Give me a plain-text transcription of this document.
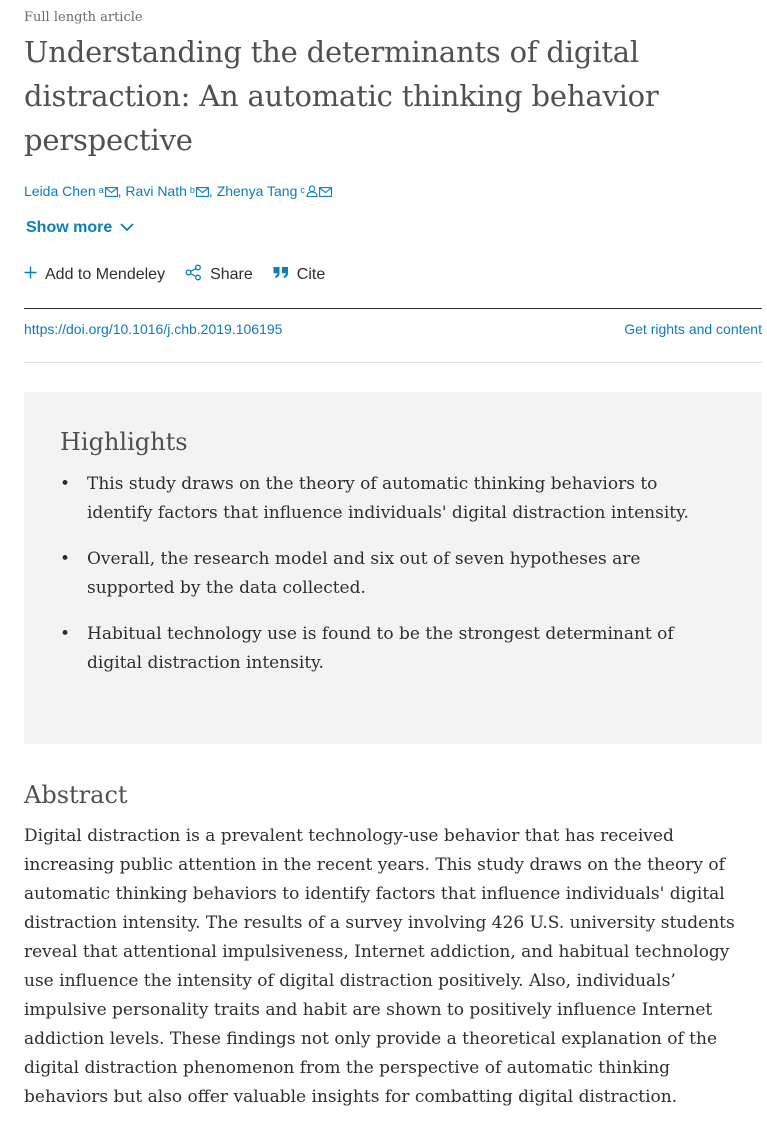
Full length article
Understanding the determinants of digital distraction: An automatic thinking behavior perspective
Leida Chen $^a$ , Ravi Nath $^b$ , Zhenya Tang $^c$
Show more
Add to Mendeley	Share	Cite
https://doi.org/10.1016/j.chb.2019.106195	Get rights and content
Highlights
• This study draws on the theory of automatic thinking behaviors to identify factors that influence individuals' digital distraction intensity.
• Overall, the research model and six out of seven hypotheses are supported by the data collected.
• Habitual technology use is found to be the strongest determinant of digital distraction intensity.
Abstract

Digital distraction is a prevalent technology-use behavior that has received increasing public attention in the recent years. This study draws on the theory of automatic thinking behaviors to identify factors that influence individuals' digital distraction intensity. The results of a survey involving 426 U.S. university students reveal that attentional impulsiveness, Internet addiction, and habitual technology use influence the intensity of digital distraction positively. Also, individuals’ impulsive personality traits and habit are shown to positively influence Internet addiction levels. These findings not only provide a theoretical explanation of the digital distraction phenomenon from the perspective of automatic thinking behaviors but also offer valuable insights for combatting digital distraction.
